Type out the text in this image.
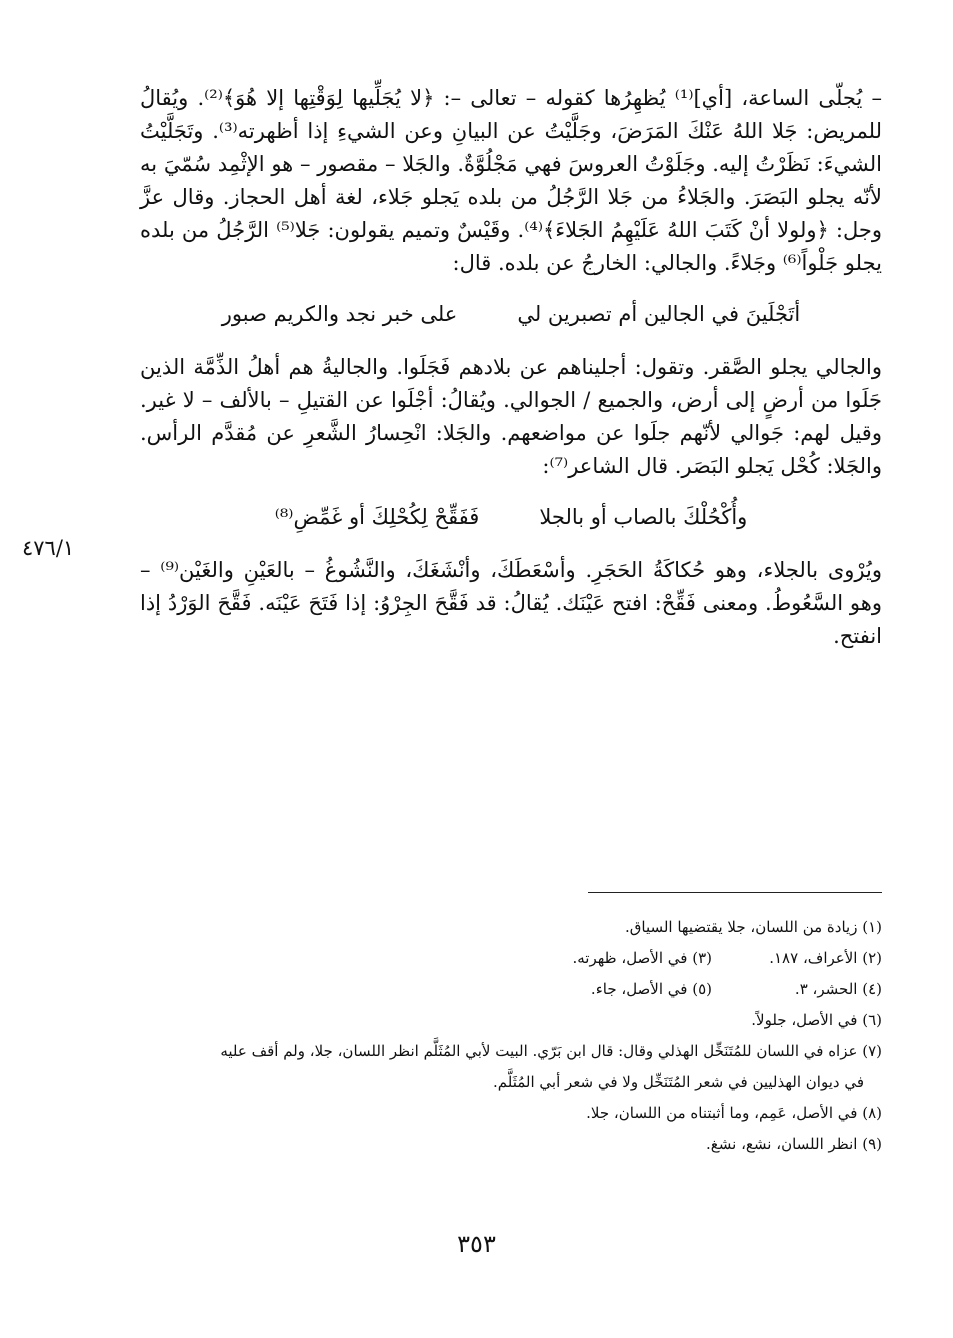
– يُجلّى الساعة، [أي]⁽¹⁾ يُظهِرُها كقوله – تعالى –: ﴿لا يُجَلِّيها لِوَقْتِها إلا هُوَ﴾⁽²⁾. ويُقالُ للمريض: جَلا اللهُ عَنْكَ المَرَضَ، وجَلَّيْتُ عن البيانِ وعن الشيءِ إذا أظهرته⁽³⁾. وتَجَلَّيْتُ الشيءَ: نَظَرْتُ إليه. وجَلَوْتُ العروسَ فهي مَجْلُوَّةٌ. والجَلا – مقصور – هو الإثْمِد سُمّيَ به لأنّه يجلو البَصَرَ. والجَلاءُ من جَلا الرَّجُلُ من بلده يَجلو جَلاء، لغة أهل الحجاز. وقال عزَّ وجل: ﴿ولولا أنْ كَتَبَ اللهُ عَلَيْهِمُ الجَلاءَ﴾⁽⁴⁾. وقَيْسٌ وتميم يقولون: جَلا⁽⁵⁾ الرَّجُلُ من بلده يجلو جَلْواً⁽⁶⁾ وجَلاءً. والجالي: الخارجُ عن بلده. قال:

أتَجْلَينَ في الجالين أم تصبرين لي
على خبر نجد والكريم صبور

والجالي يجلو الصَّقر. وتقول: أجليناهم عن بلادهم فَجَلَوا. والجاليةُ هم أهلُ الذِّمَّة الذين جَلَوا من أرضٍ إلى أرض، والجميع / الجوالي. ويُقالُ: أجْلَوا عن القتيلِ – بالألف – لا غير. وقيل لهم: جَوالي لأنّهم جلَوا عن مواضعهم. والجَلا: انْحِسارُ الشَّعرِ عن مُقدَّم الرأس. والجَلا: كُحْل يَجلو البَصَر. قال الشاعر⁽⁷⁾:

وأُكْحُلْكَ بالصاب أو بالجلا
فَفَقِّحْ لِكُحْلِكَ أو غَمِّضِ⁽⁸⁾

ويُرْوى بالجلاء، وهو حُكاكَةُ الحَجَرِ. وأسْعَطَكَ، وأنْشَغَكَ، والنَّشُوغُ – بالعَيْنِ والغَيْن⁽⁹⁾ – وهو السَّعُوطُ. ومعنى فَقِّحْ: افتح عَيْنَك. يُقالُ: قد فَقَّحَ الجِرْوُ: إذا فَتَحَ عَيْنَه. فَقَّحَ الوَرْدُ إذا انفتح.

٤٧٦/١
(١) زيادة من اللسان، جلا يقتضيها السياق.
(٢) الأعراف، ١٨٧.
(٣) في الأصل، ظهرته.
(٤) الحشر، ٣.
(٥) في الأصل، جاء.
(٦) في الأصل، جلولاً.
(٧) عزاه في اللسان للمُتَنَخِّل الهذلي وقال: قال ابن بَرّي. البيت لأبي المُثَلَّم انظر اللسان، جلا، ولم أقف عليه
في ديوان الهذليين في شعر المُتَنَخِّل ولا في شعر أبي المُثَلَّم.
(٨) في الأصل، عَمِم، وما أثبتناه من اللسان، جلا.
(٩) انظر اللسان، نشع، نشغ.
٣٥٣
